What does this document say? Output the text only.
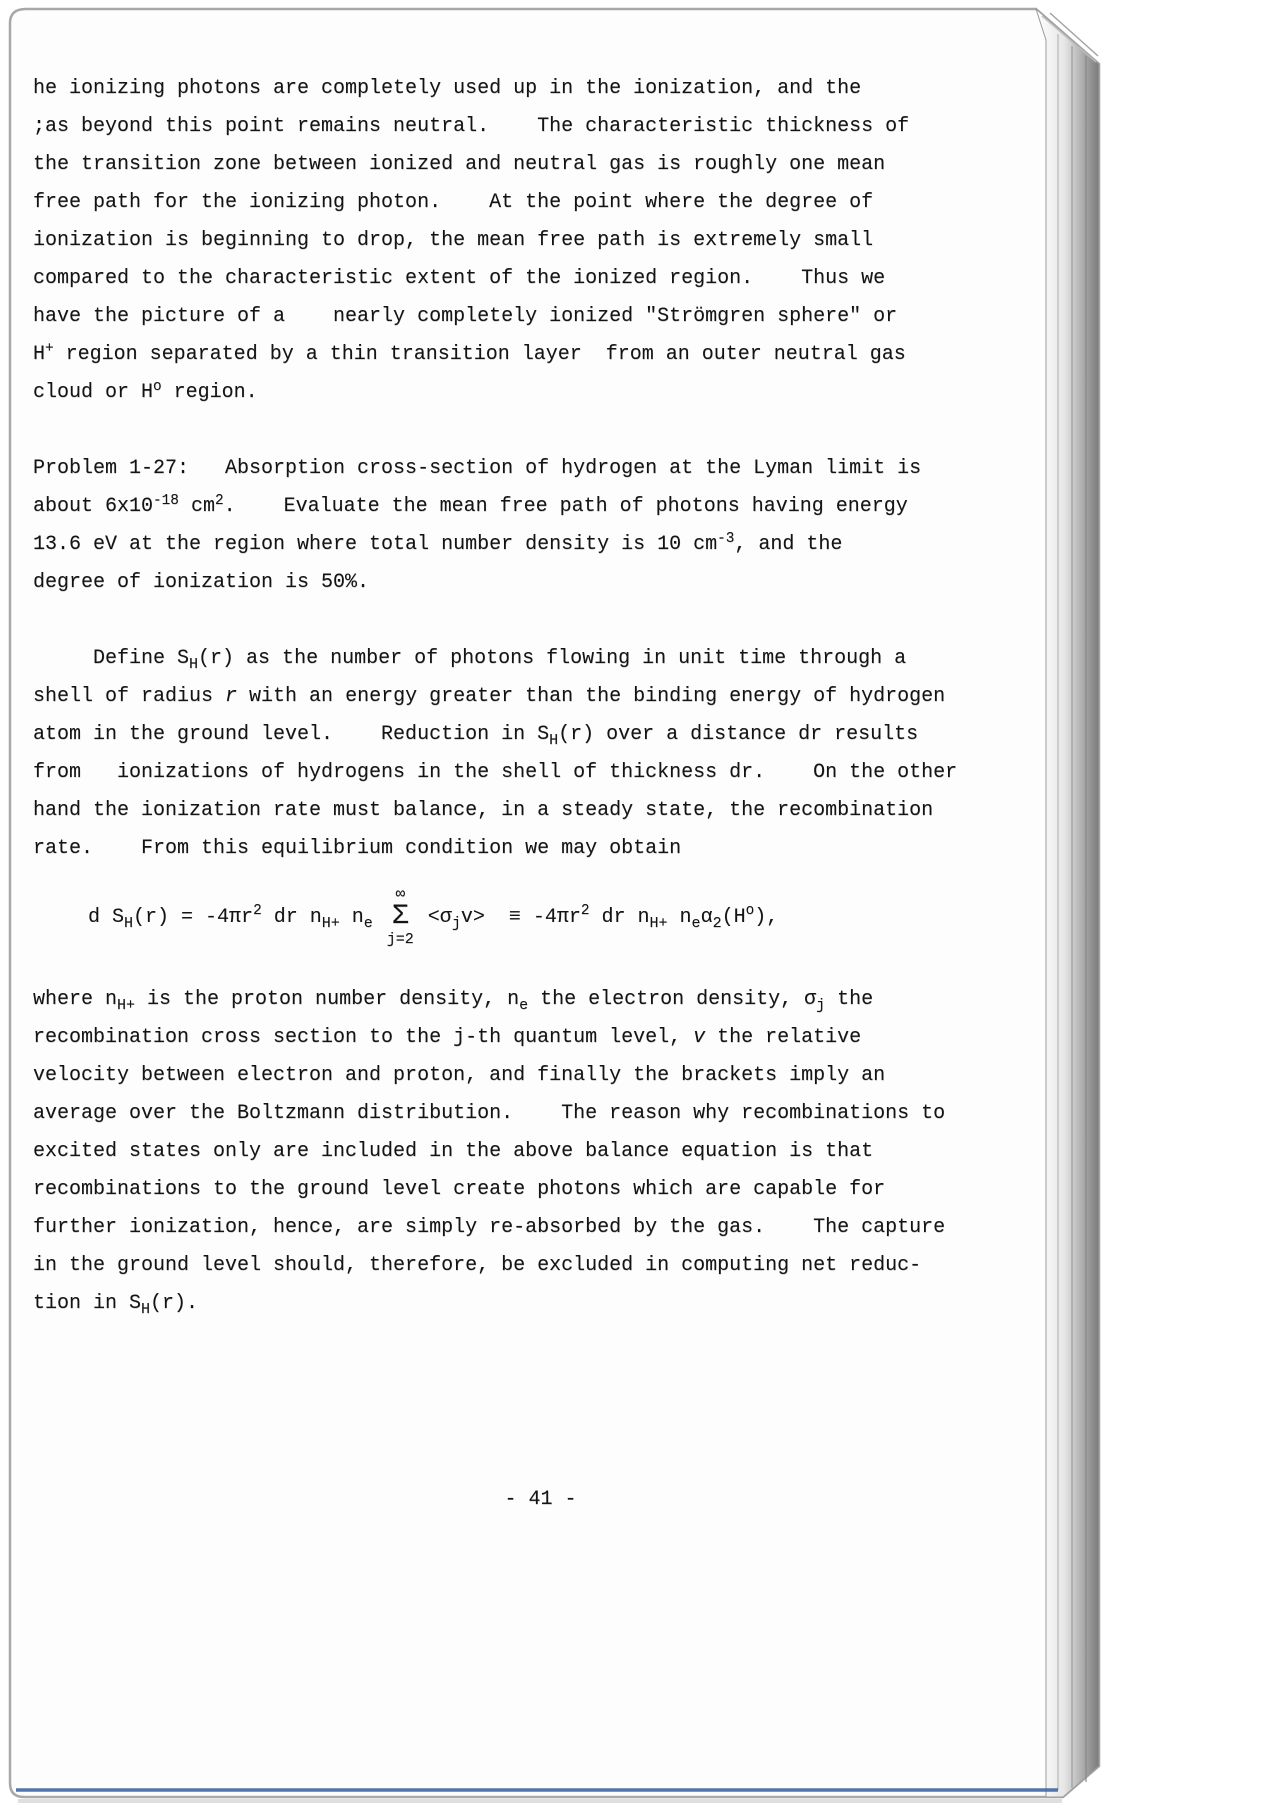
he ionizing photons are completely used up in the ionization, and the
;as beyond this point remains neutral.    The characteristic thickness of
the transition zone between ionized and neutral gas is roughly one mean
free path for the ionizing photon.    At the point where the degree of
ionization is beginning to drop, the mean free path is extremely small
compared to the characteristic extent of the ionized region.    Thus we
have the picture of a    nearly completely ionized "Strömgren sphere" or
H+ region separated by a thin transition layer  from an outer neutral gas
cloud or $H^o$ region.
Problem 1-27:   Absorption cross-section of hydrogen at the Lyman limit is
about $6x10^{-18}$ $cm^2$.    Evaluate the mean free path of photons having energy
13.6 eV at the region where total number density is 10 $cm^{-3}$, and the
degree of ionization is 50%.
Define $S_H(r)$ as the number of photons flowing in unit time through a
shell of radius r with an energy greater than the binding energy of hydrogen
atom in the ground level.    Reduction in $S_H(r)$ over a distance dr results
from   ionizations of hydrogens in the shell of thickness dr.    On the other
hand the ionization rate must balance, in a steady state, the recombination
rate.    From this equilibrium condition we may obtain
d $S_H(r) = -4\pi r^2$ dr $n_{H+}$ $n_e$
∞
Σ
j=2
$<\sigma_jv> \equiv -4\pi r^2$ dr $n_{H+}$ $n_e\alpha_2(H^o)$,
where $n_{H+}$ is the proton number density, $n_e$ the electron density, $\sigma_j$ the
recombination cross section to the j-th quantum level, v the relative
velocity between electron and proton, and finally the brackets imply an
average over the Boltzmann distribution.    The reason why recombinations to
excited states only are included in the above balance equation is that
recombinations to the ground level create photons which are capable for
further ionization, hence, are simply re-absorbed by the gas.    The capture
in the ground level should, therefore, be excluded in computing net reduc-
tion in $S_H(r)$.
- 41 -
